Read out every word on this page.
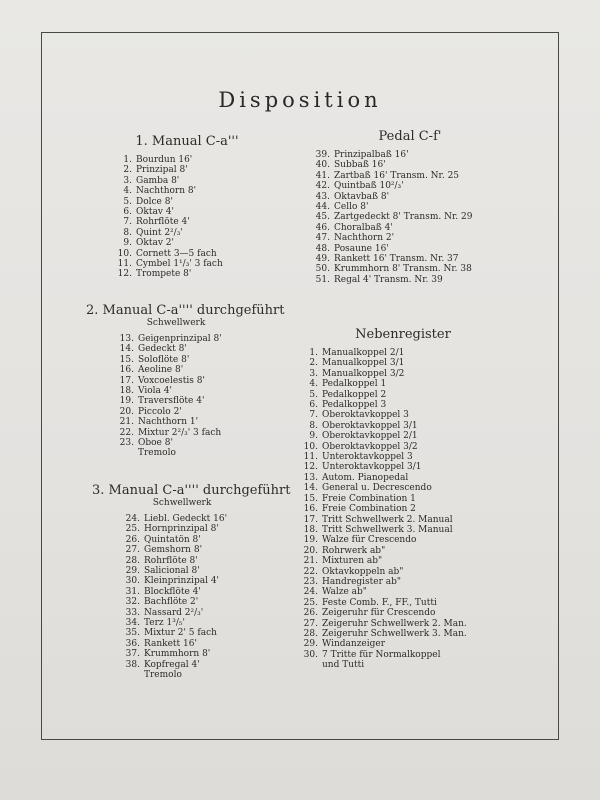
Disposition
1. Manual C-a'''
1. Bourdun 16'
2. Prinzipal 8'
3. Gamba 8'
4. Nachthorn 8'
5. Dolce 8'
6. Oktav 4'
7. Rohrflöte 4'
8. Quint 2²/₃'
9. Oktav 2'
10. Cornett 3—5 fach
11. Cymbel 1¹/₃' 3 fach
12. Trompete 8'
2. Manual C-a'''' durchgeführt
Schwellwerk
13. Geigenprinzipal 8'
14. Gedeckt 8'
15. Soloflöte 8'
16. Aeoline 8'
17. Voxcoelestis 8'
18. Viola 4'
19. Traversflöte 4'
20. Piccolo 2'
21. Nachthorn 1'
22. Mixtur 2²/₃' 3 fach
23. Oboe 8'
Tremolo
3. Manual C-a'''' durchgeführt
Schwellwerk
24. Liebl. Gedeckt 16'
25. Hornprinzipal 8'
26. Quintatön 8'
27. Gemshorn 8'
28. Rohrflöte 8'
29. Salicional 8'
30. Kleinprinzipal 4'
31. Blockflöte 4'
32. Bachflöte 2'
33. Nassard 2²/₃'
34. Terz 1³/₅'
35. Mixtur 2' 5 fach
36. Rankett 16'
37. Krummhorn 8'
38. Kopfregal 4'
Tremolo
Pedal C-f'
39. Prinzipalbaß 16'
40. Subbaß 16'
41. Zartbaß 16' Transm. Nr. 25
42. Quintbaß 10²/₃'
43. Oktavbaß 8'
44. Cello 8'
45. Zartgedeckt 8' Transm. Nr. 29
46. Choralbaß 4'
47. Nachthorn 2'
48. Posaune 16'
49. Rankett 16' Transm. Nr. 37
50. Krummhorn 8' Transm. Nr. 38
51. Regal 4' Transm. Nr. 39
Nebenregister
1. Manualkoppel 2/1
2. Manualkoppel 3/1
3. Manualkoppel 3/2
4. Pedalkoppel 1
5. Pedalkoppel 2
6. Pedalkoppel 3
7. Oberoktavkoppel 3
8. Oberoktavkoppel 3/1
9. Oberoktavkoppel 2/1
10. Oberoktavkoppel 3/2
11. Unteroktavkoppel 3
12. Unteroktavkoppel 3/1
13. Autom. Pianopedal
14. General u. Decrescendo
15. Freie Combination 1
16. Freie Combination 2
17. Tritt Schwellwerk 2. Manual
18. Tritt Schwellwerk 3. Manual
19. Walze für Crescendo
20. Rohrwerk ab"
21. Mixturen ab"
22. Oktavkoppeln ab"
23. Handregister ab"
24. Walze ab"
25. Feste Comb. F., FF., Tutti
26. Zeigeruhr für Crescendo
27. Zeigeruhr Schwellwerk 2. Man.
28. Zeigeruhr Schwellwerk 3. Man.
29. Windanzeiger
30. 7 Tritte für Normalkoppel
und Tutti
